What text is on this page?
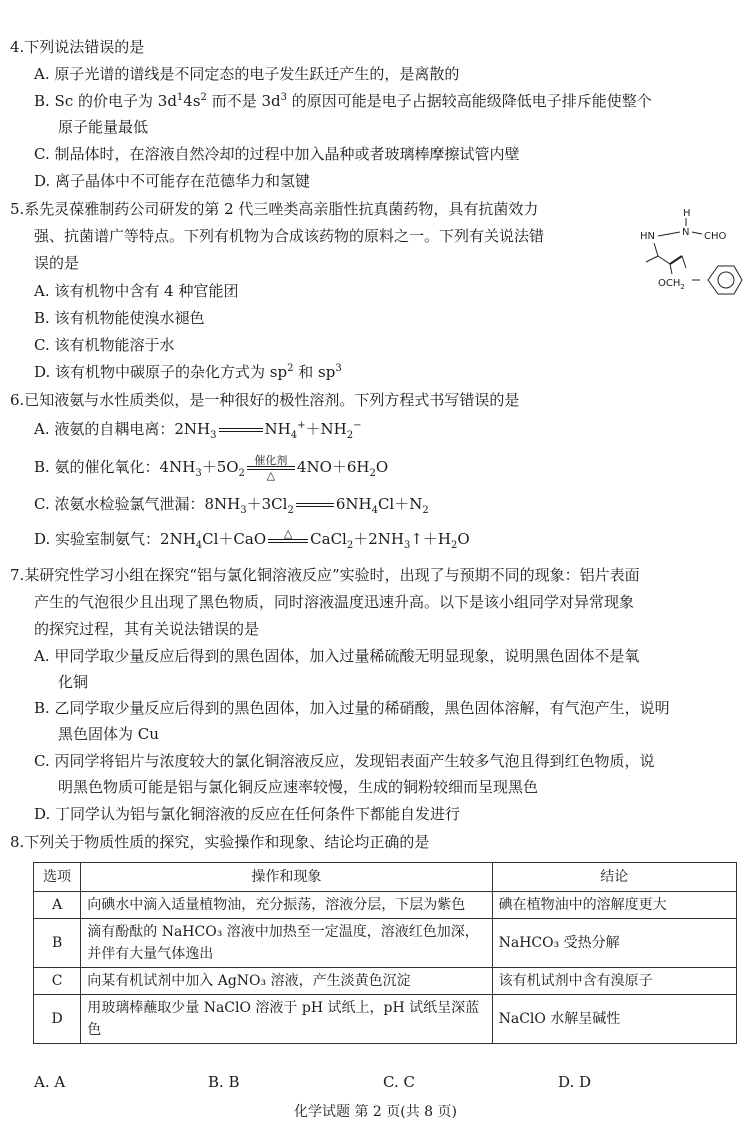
4.下列说法错误的是
A. 原子光谱的谱线是不同定态的电子发生跃迁产生的，是离散的
B. Sc 的价电子为 $3d^14s^2$ 而不是 $3d^3$ 的原因可能是电子占据较高能级降低电子排斥能使整个
原子能量最低
C. 制品体时，在溶液自然冷却的过程中加入晶种或者玻璃棒摩擦试管内壁
D. 离子晶体中不可能存在范德华力和氢键
5.系先灵葆雅制药公司研发的第 2 代三唑类高亲脂性抗真菌药物，具有抗菌效力
强、抗菌谱广等特点。下列有机物为合成该药物的原料之一。下列有关说法错
误的是
A. 该有机物中含有 4 种官能团
B. 该有机物能使溴水褪色
C. 该有机物能溶于水
D. 该有机物中碳原子的杂化方式为 $sp^2$ 和 $sp^3$
H
HN	N CHO
$OCH_2$
6.已知液氨与水性质类似，是一种很好的极性溶剂。下列方程式书写错误的是
A. 液氨的自耦电离：$2NH_3$	$NH_4^++NH_2^-$
B. 氨的催化氧化：$4NH_3+5O_2$
催化剂
△	$4NO+6H_2O$
C. 浓氨水检验氯气泄漏：$8NH_3+3Cl_2$	$6NH_4Cl+N_2$
D. 实验室制氨气：$2NH_4Cl+CaO$	△	$CaCl_2+2NH_3↑+H_2O$
7.某研究性学习小组在探究“铝与氯化铜溶液反应”实验时，出现了与预期不同的现象：铝片表面
产生的气泡很少且出现了黑色物质，同时溶液温度迅速升高。以下是该小组同学对异常现象
的探究过程，其有关说法错误的是
A. 甲同学取少量反应后得到的黑色固体，加入过量稀硫酸无明显现象，说明黑色固体不是氧
化铜
B. 乙同学取少量反应后得到的黑色固体，加入过量的稀硝酸，黑色固体溶解，有气泡产生，说明
黑色固体为 Cu
C. 丙同学将铝片与浓度较大的氯化铜溶液反应，发现铝表面产生较多气泡且得到红色物质，说
明黑色物质可能是铝与氯化铜反应速率较慢，生成的铜粉较细而呈现黑色
D. 丁同学认为铝与氯化铜溶液的反应在任何条件下都能自发进行
8.下列关于物质性质的探究，实验操作和现象、结论均正确的是
选项	操作和现象	结论
A	向碘水中滴入适量植物油，充分振荡，溶液分层，下层为紫色	碘在植物油中的溶解度更大
B	滴有酚酞的 NaHCO₃ 溶液中加热至一定温度，溶液红色加深，并伴有大量气体逸出	NaHCO₃ 受热分解
C	向某有机试剂中加入 AgNO₃ 溶液，产生淡黄色沉淀	该有机试剂中含有溴原子
D	用玻璃棒蘸取少量 NaClO 溶液于 pH 试纸上，pH 试纸呈深蓝色	NaClO 水解呈碱性
A. A	B. B	C. C	D. D
化学试题 第 2 页(共 8 页)
